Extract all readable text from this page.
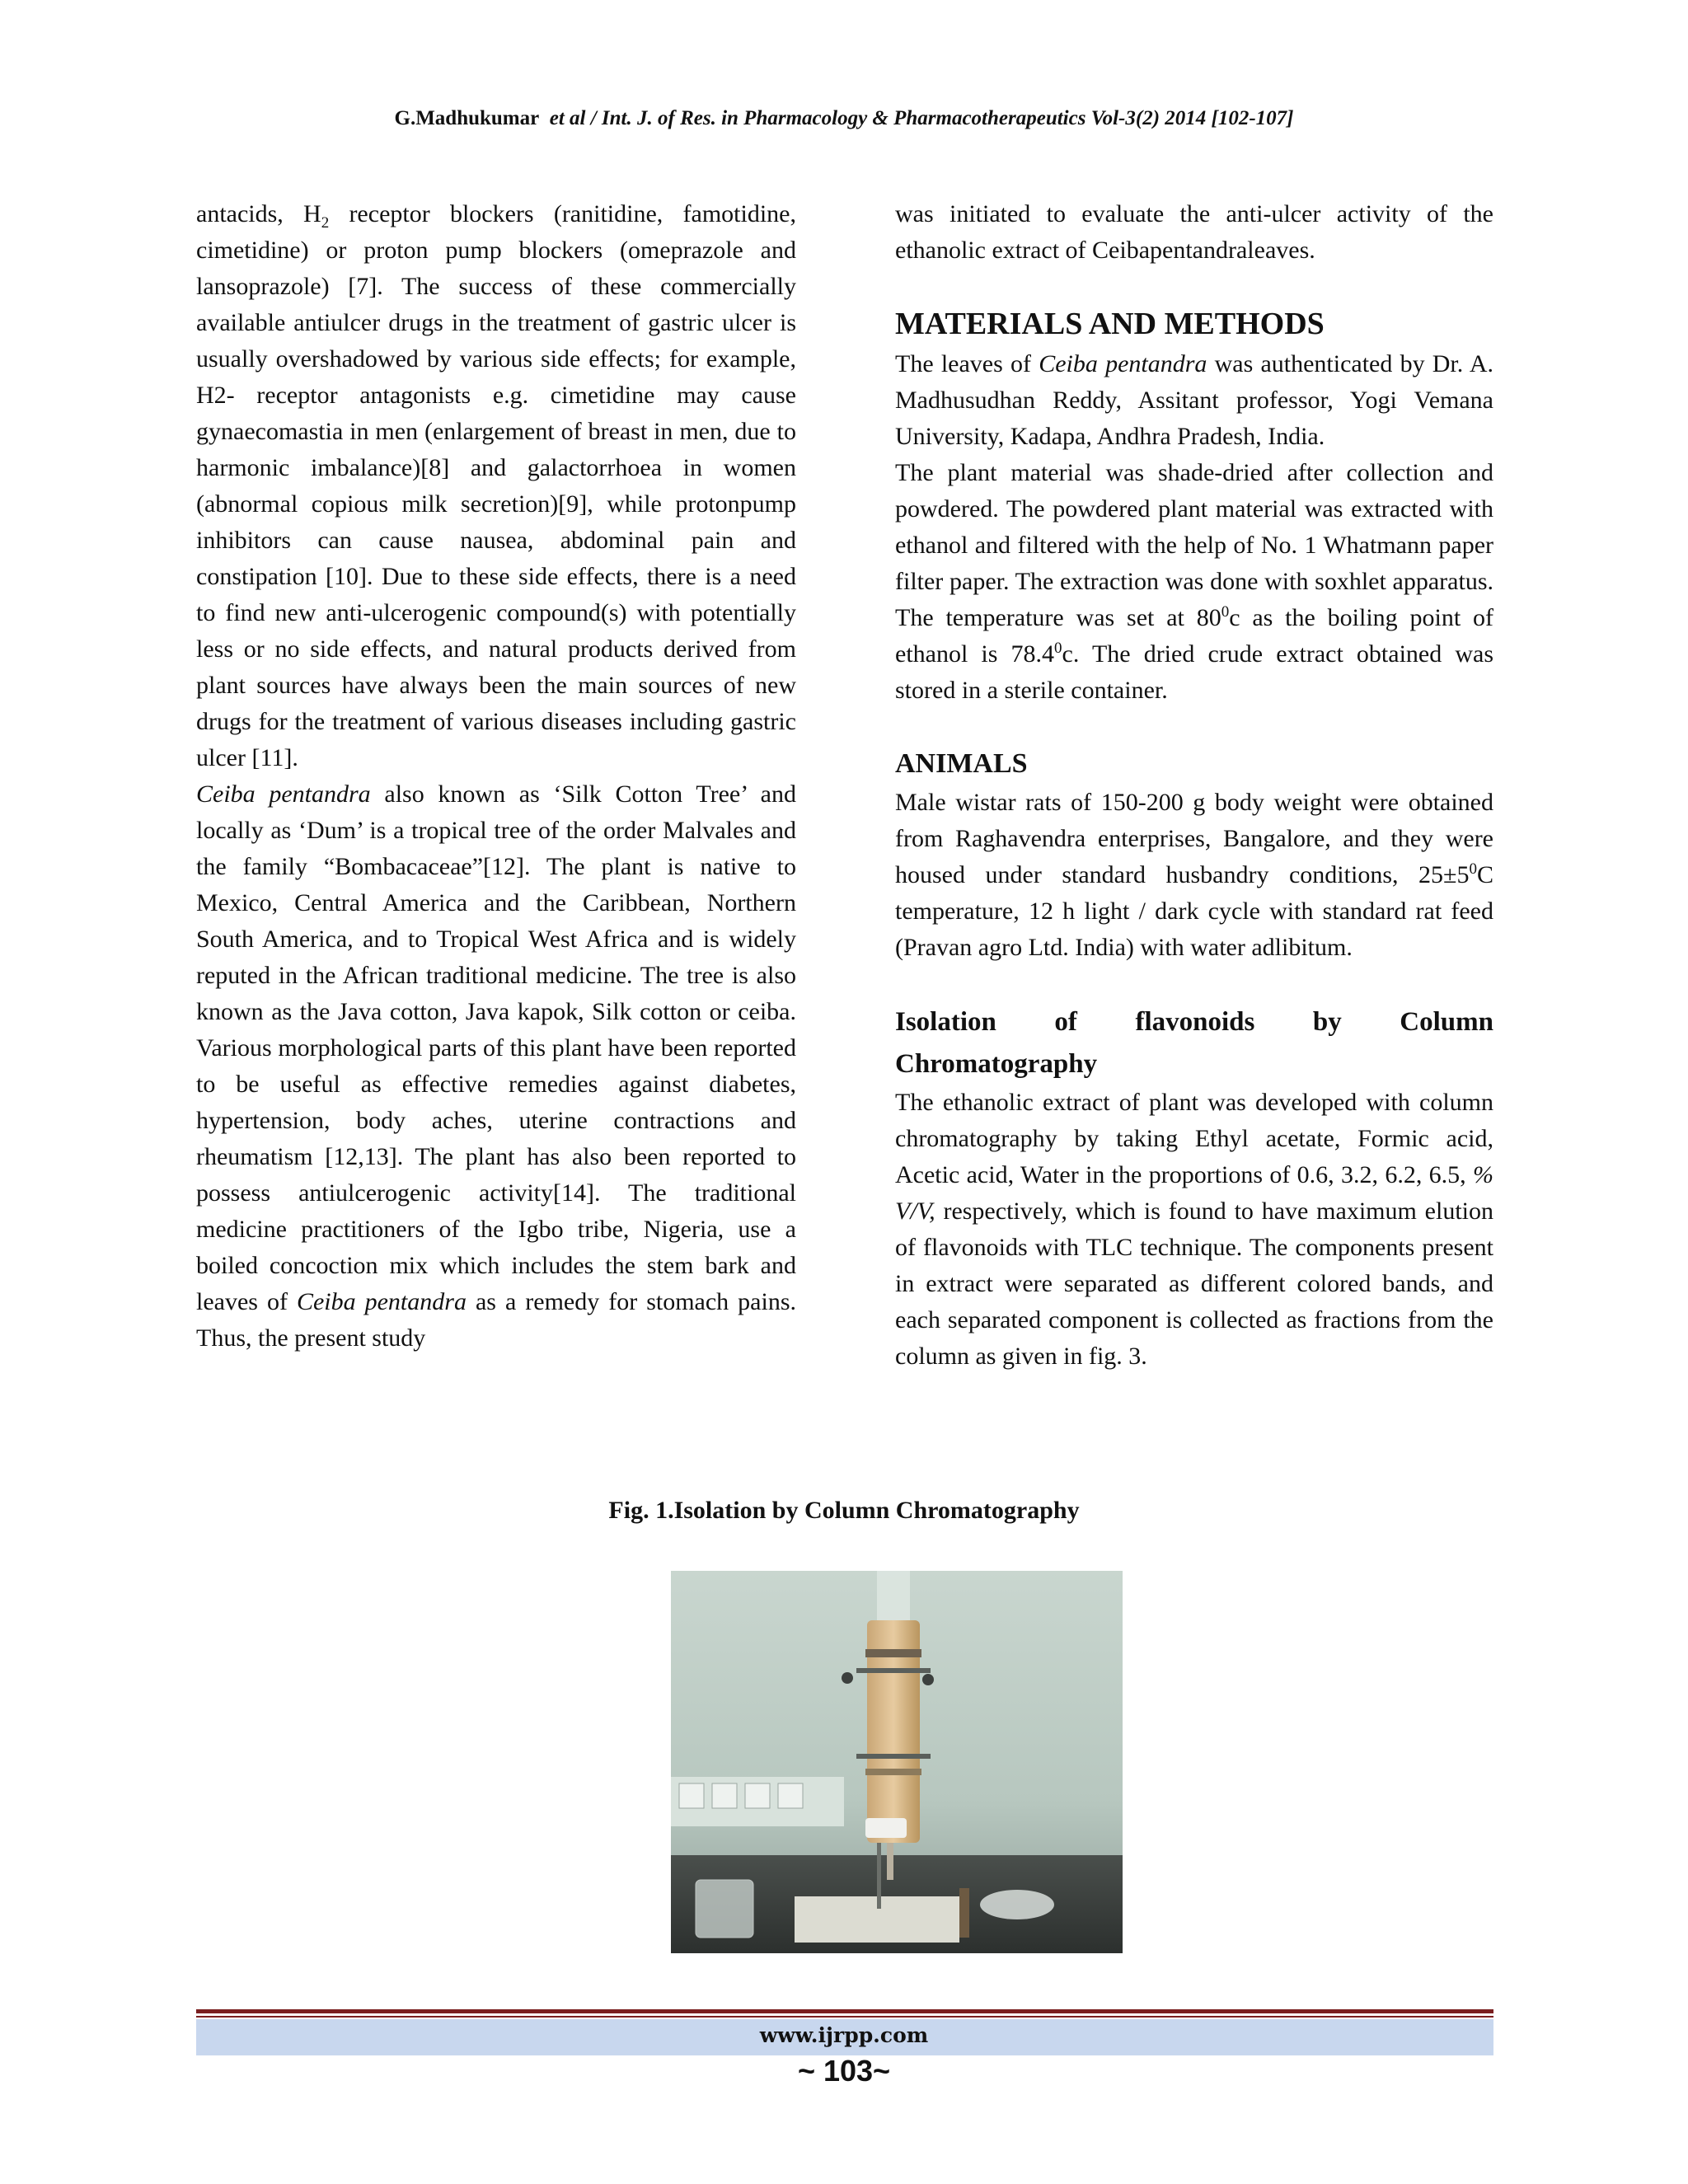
G.Madhukumar et al / Int. J. of Res. in Pharmacology & Pharmacotherapeutics Vol-3(2) 2014 [102-107]

antacids, $H_2$ receptor blockers (ranitidine, famotidine, cimetidine) or proton pump blockers (omeprazole and lansoprazole) [7]. The success of these commercially available antiulcer drugs in the treatment of gastric ulcer is usually overshadowed by various side effects; for example, H2- receptor antagonists e.g. cimetidine may cause gynaecomastia in men (enlargement of breast in men, due to harmonic imbalance)[8] and galactorrhoea in women (abnormal copious milk secretion)[9], while protonpump inhibitors can cause nausea, abdominal pain and constipation [10]. Due to these side effects, there is a need to find new anti-ulcerogenic compound(s) with potentially less or no side effects, and natural products derived from plant sources have always been the main sources of new drugs for the treatment of various diseases including gastric ulcer [11].

Ceiba pentandra also known as ‘Silk Cotton Tree’ and locally as ‘Dum’ is a tropical tree of the order Malvales and the family “Bombacaceae”[12]. The plant is native to Mexico, Central America and the Caribbean, Northern South America, and to Tropical West Africa and is widely reputed in the African traditional medicine. The tree is also known as the Java cotton, Java kapok, Silk cotton or ceiba. Various morphological parts of this plant have been reported to be useful as effective remedies against diabetes, hypertension, body aches, uterine contractions and rheumatism [12,13]. The plant has also been reported to possess antiulcerogenic activity[14]. The traditional medicine practitioners of the Igbo tribe, Nigeria, use a boiled concoction mix which includes the stem bark and leaves of Ceiba pentandra as a remedy for stomach pains. Thus, the present study

was initiated to evaluate the anti-ulcer activity of the ethanolic extract of Ceibapentandraleaves.

MATERIALS AND METHODS

The leaves of Ceiba pentandra was authenticated by Dr. A. Madhusudhan Reddy, Assitant professor, Yogi Vemana University, Kadapa, Andhra Pradesh, India.

The plant material was shade-dried after collection and powdered. The powdered plant material was extracted with ethanol and filtered with the help of No. 1 Whatmann paper filter paper. The extraction was done with soxhlet apparatus. The temperature was set at $80^0c$ as the boiling point of ethanol is 78.4$^0$c. The dried crude extract obtained was stored in a sterile container.

ANIMALS

Male wistar rats of 150-200 g body weight were obtained from Raghavendra enterprises, Bangalore, and they were housed under standard husbandry conditions, $25\pm 5^0C$ temperature, 12 h light / dark cycle with standard rat feed (Pravan agro Ltd. India) with water adlibitum.

Isolation of flavonoids by Column
Chromatography

The ethanolic extract of plant was developed with column chromatography by taking Ethyl acetate, Formic acid, Acetic acid, Water in the proportions of 0.6, 3.2, 6.2, 6.5, % V/V, respectively, which is found to have maximum elution of flavonoids with TLC technique. The components present in extract were separated as different colored bands, and each separated component is collected as fractions from the column as given in fig. 3.

Fig. 1.Isolation by Column Chromatography
www.ijrpp.com
~ 103~
